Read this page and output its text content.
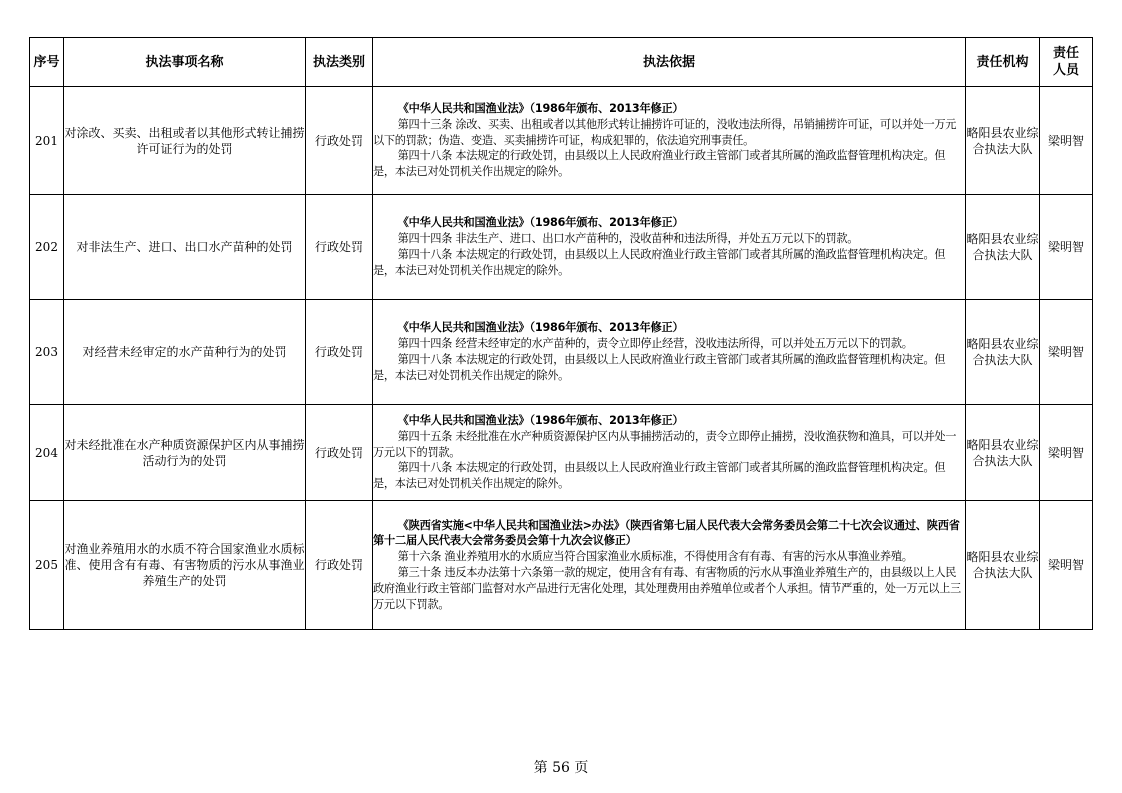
序号	执法事项名称	执法类别	执法依据	责任机构	责任人员
201	对涂改、买卖、出租或者以其他形式转让捕捞许可证行为的处罚	行政处罚	《中华人民共和国渔业法》（1986年颁布、2013年修正）
第四十三条 涂改、买卖、出租或者以其他形式转让捕捞许可证的，没收违法所得，吊销捕捞许可证，可以并处一万元以下的罚款；伪造、变造、买卖捕捞许可证，构成犯罪的，依法追究刑事责任。
第四十八条 本法规定的行政处罚，由县级以上人民政府渔业行政主管部门或者其所属的渔政监督管理机构决定。但是，本法已对处罚机关作出规定的除外。	略阳县农业综合执法大队	梁明智
202	对非法生产、进口、出口水产苗种的处罚	行政处罚	《中华人民共和国渔业法》（1986年颁布、2013年修正）
第四十四条 非法生产、进口、出口水产苗种的，没收苗种和违法所得，并处五万元以下的罚款。
第四十八条 本法规定的行政处罚，由县级以上人民政府渔业行政主管部门或者其所属的渔政监督管理机构决定。但是，本法已对处罚机关作出规定的除外。	略阳县农业综合执法大队	梁明智
203	对经营未经审定的水产苗种行为的处罚	行政处罚	《中华人民共和国渔业法》（1986年颁布、2013年修正）
第四十四条 经营未经审定的水产苗种的，责令立即停止经营，没收违法所得，可以并处五万元以下的罚款。
第四十八条 本法规定的行政处罚，由县级以上人民政府渔业行政主管部门或者其所属的渔政监督管理机构决定。但是，本法已对处罚机关作出规定的除外。	略阳县农业综合执法大队	梁明智
204	对未经批准在水产种质资源保护区内从事捕捞活动行为的处罚	行政处罚	《中华人民共和国渔业法》（1986年颁布、2013年修正）
第四十五条 未经批准在水产种质资源保护区内从事捕捞活动的，责令立即停止捕捞，没收渔获物和渔具，可以并处一万元以下的罚款。
第四十八条 本法规定的行政处罚，由县级以上人民政府渔业行政主管部门或者其所属的渔政监督管理机构决定。但是，本法已对处罚机关作出规定的除外。	略阳县农业综合执法大队	梁明智
205	对渔业养殖用水的水质不符合国家渔业水质标准、使用含有有毒、有害物质的污水从事渔业养殖生产的处罚	行政处罚	《陕西省实施<中华人民共和国渔业法>办法》（陕西省第七届人民代表大会常务委员会第二十七次会议通过、陕西省第十二届人民代表大会常务委员会第十九次会议修正）
第十六条 渔业养殖用水的水质应当符合国家渔业水质标准，不得使用含有有毒、有害的污水从事渔业养殖。
第三十条 违反本办法第十六条第一款的规定，使用含有有毒、有害物质的污水从事渔业养殖生产的，由县级以上人民政府渔业行政主管部门监督对水产品进行无害化处理，其处理费用由养殖单位或者个人承担。情节严重的，处一万元以上三万元以下罚款。	略阳县农业综合执法大队	梁明智
第 56 页
